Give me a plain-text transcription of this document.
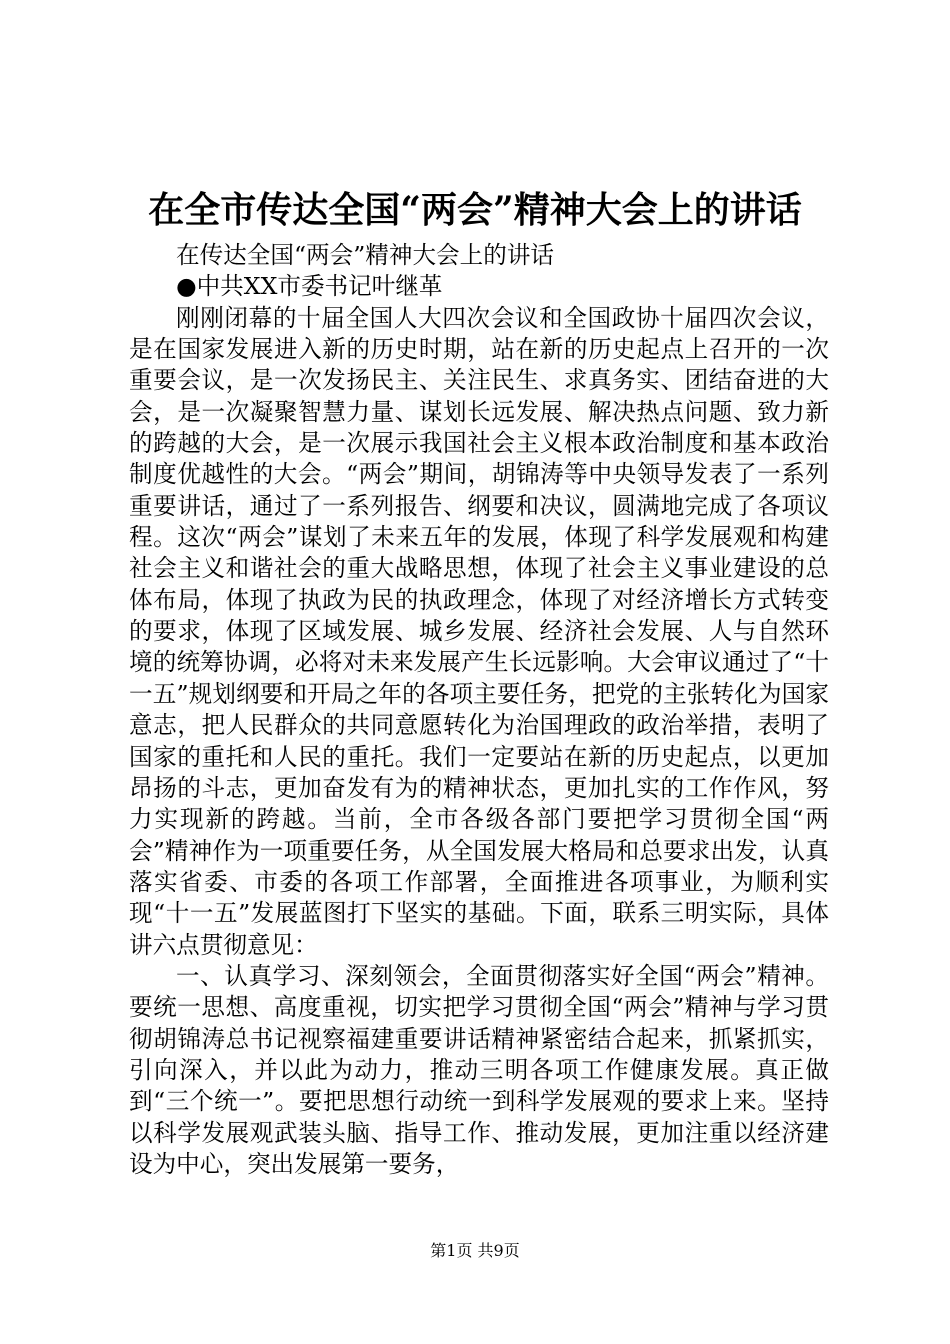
在全市传达全国“两会”精神大会上的讲话

在传达全国“两会”精神大会上的讲话

●中共XX市委书记叶继革

刚刚闭幕的十届全国人大四次会议和全国政协十届四次会议，是在国家发展进入新的历史时期，站在新的历史起点上召开的一次重要会议，是一次发扬民主、关注民生、求真务实、团结奋进的大会，是一次凝聚智慧力量、谋划长远发展、解决热点问题、致力新的跨越的大会，是一次展示我国社会主义根本政治制度和基本政治制度优越性的大会。“两会”期间，胡锦涛等中央领导发表了一系列重要讲话，通过了一系列报告、纲要和决议，圆满地完成了各项议程。这次“两会”谋划了未来五年的发展，体现了科学发展观和构建社会主义和谐社会的重大战略思想，体现了社会主义事业建设的总体布局，体现了执政为民的执政理念，体现了对经济增长方式转变的要求，体现了区域发展、城乡发展、经济社会发展、人与自然环境的统筹协调，必将对未来发展产生长远影响。大会审议通过了“十一五”规划纲要和开局之年的各项主要任务，把党的主张转化为国家意志，把人民群众的共同意愿转化为治国理政的政治举措，表明了国家的重托和人民的重托。我们一定要站在新的历史起点，以更加昂扬的斗志，更加奋发有为的精神状态，更加扎实的工作作风，努力实现新的跨越。当前，全市各级各部门要把学习贯彻全国“两会”精神作为一项重要任务，从全国发展大格局和总要求出发，认真落实省委、市委的各项工作部署，全面推进各项事业，为顺利实现“十一五”发展蓝图打下坚实的基础。下面，联系三明实际，具体讲六点贯彻意见：

一、认真学习、深刻领会，全面贯彻落实好全国“两会”精神。要统一思想、高度重视，切实把学习贯彻全国“两会”精神与学习贯彻胡锦涛总书记视察福建重要讲话精神紧密结合起来，抓紧抓实，引向深入，并以此为动力，推动三明各项工作健康发展。真正做到“三个统一”。要把思想行动统一到科学发展观的要求上来。坚持以科学发展观武装头脑、指导工作、推动发展，更加注重以经济建设为中心，突出发展第一要务，

第1页 共9页
